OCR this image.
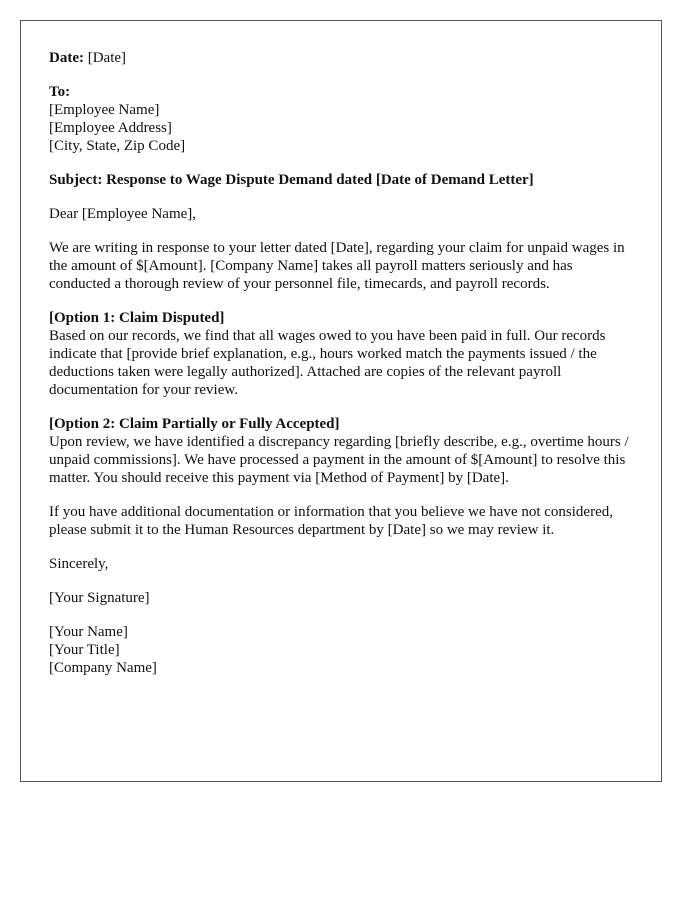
Date: [Date]

To:
[Employee Name]
[Employee Address]
[City, State, Zip Code]

Subject: Response to Wage Dispute Demand dated [Date of Demand Letter]

Dear [Employee Name],

We are writing in response to your letter dated [Date], regarding your claim for unpaid wages in the amount of $[Amount]. [Company Name] takes all payroll matters seriously and has conducted a thorough review of your personnel file, timecards, and payroll records.

[Option 1: Claim Disputed]
Based on our records, we find that all wages owed to you have been paid in full. Our records indicate that [provide brief explanation, e.g., hours worked match the payments issued / the deductions taken were legally authorized]. Attached are copies of the relevant payroll documentation for your review.

[Option 2: Claim Partially or Fully Accepted]
Upon review, we have identified a discrepancy regarding [briefly describe, e.g., overtime hours / unpaid commissions]. We have processed a payment in the amount of $[Amount] to resolve this matter. You should receive this payment via [Method of Payment] by [Date].

If you have additional documentation or information that you believe we have not considered, please submit it to the Human Resources department by [Date] so we may review it.

Sincerely,

[Your Signature]

[Your Name]
[Your Title]
[Company Name]
